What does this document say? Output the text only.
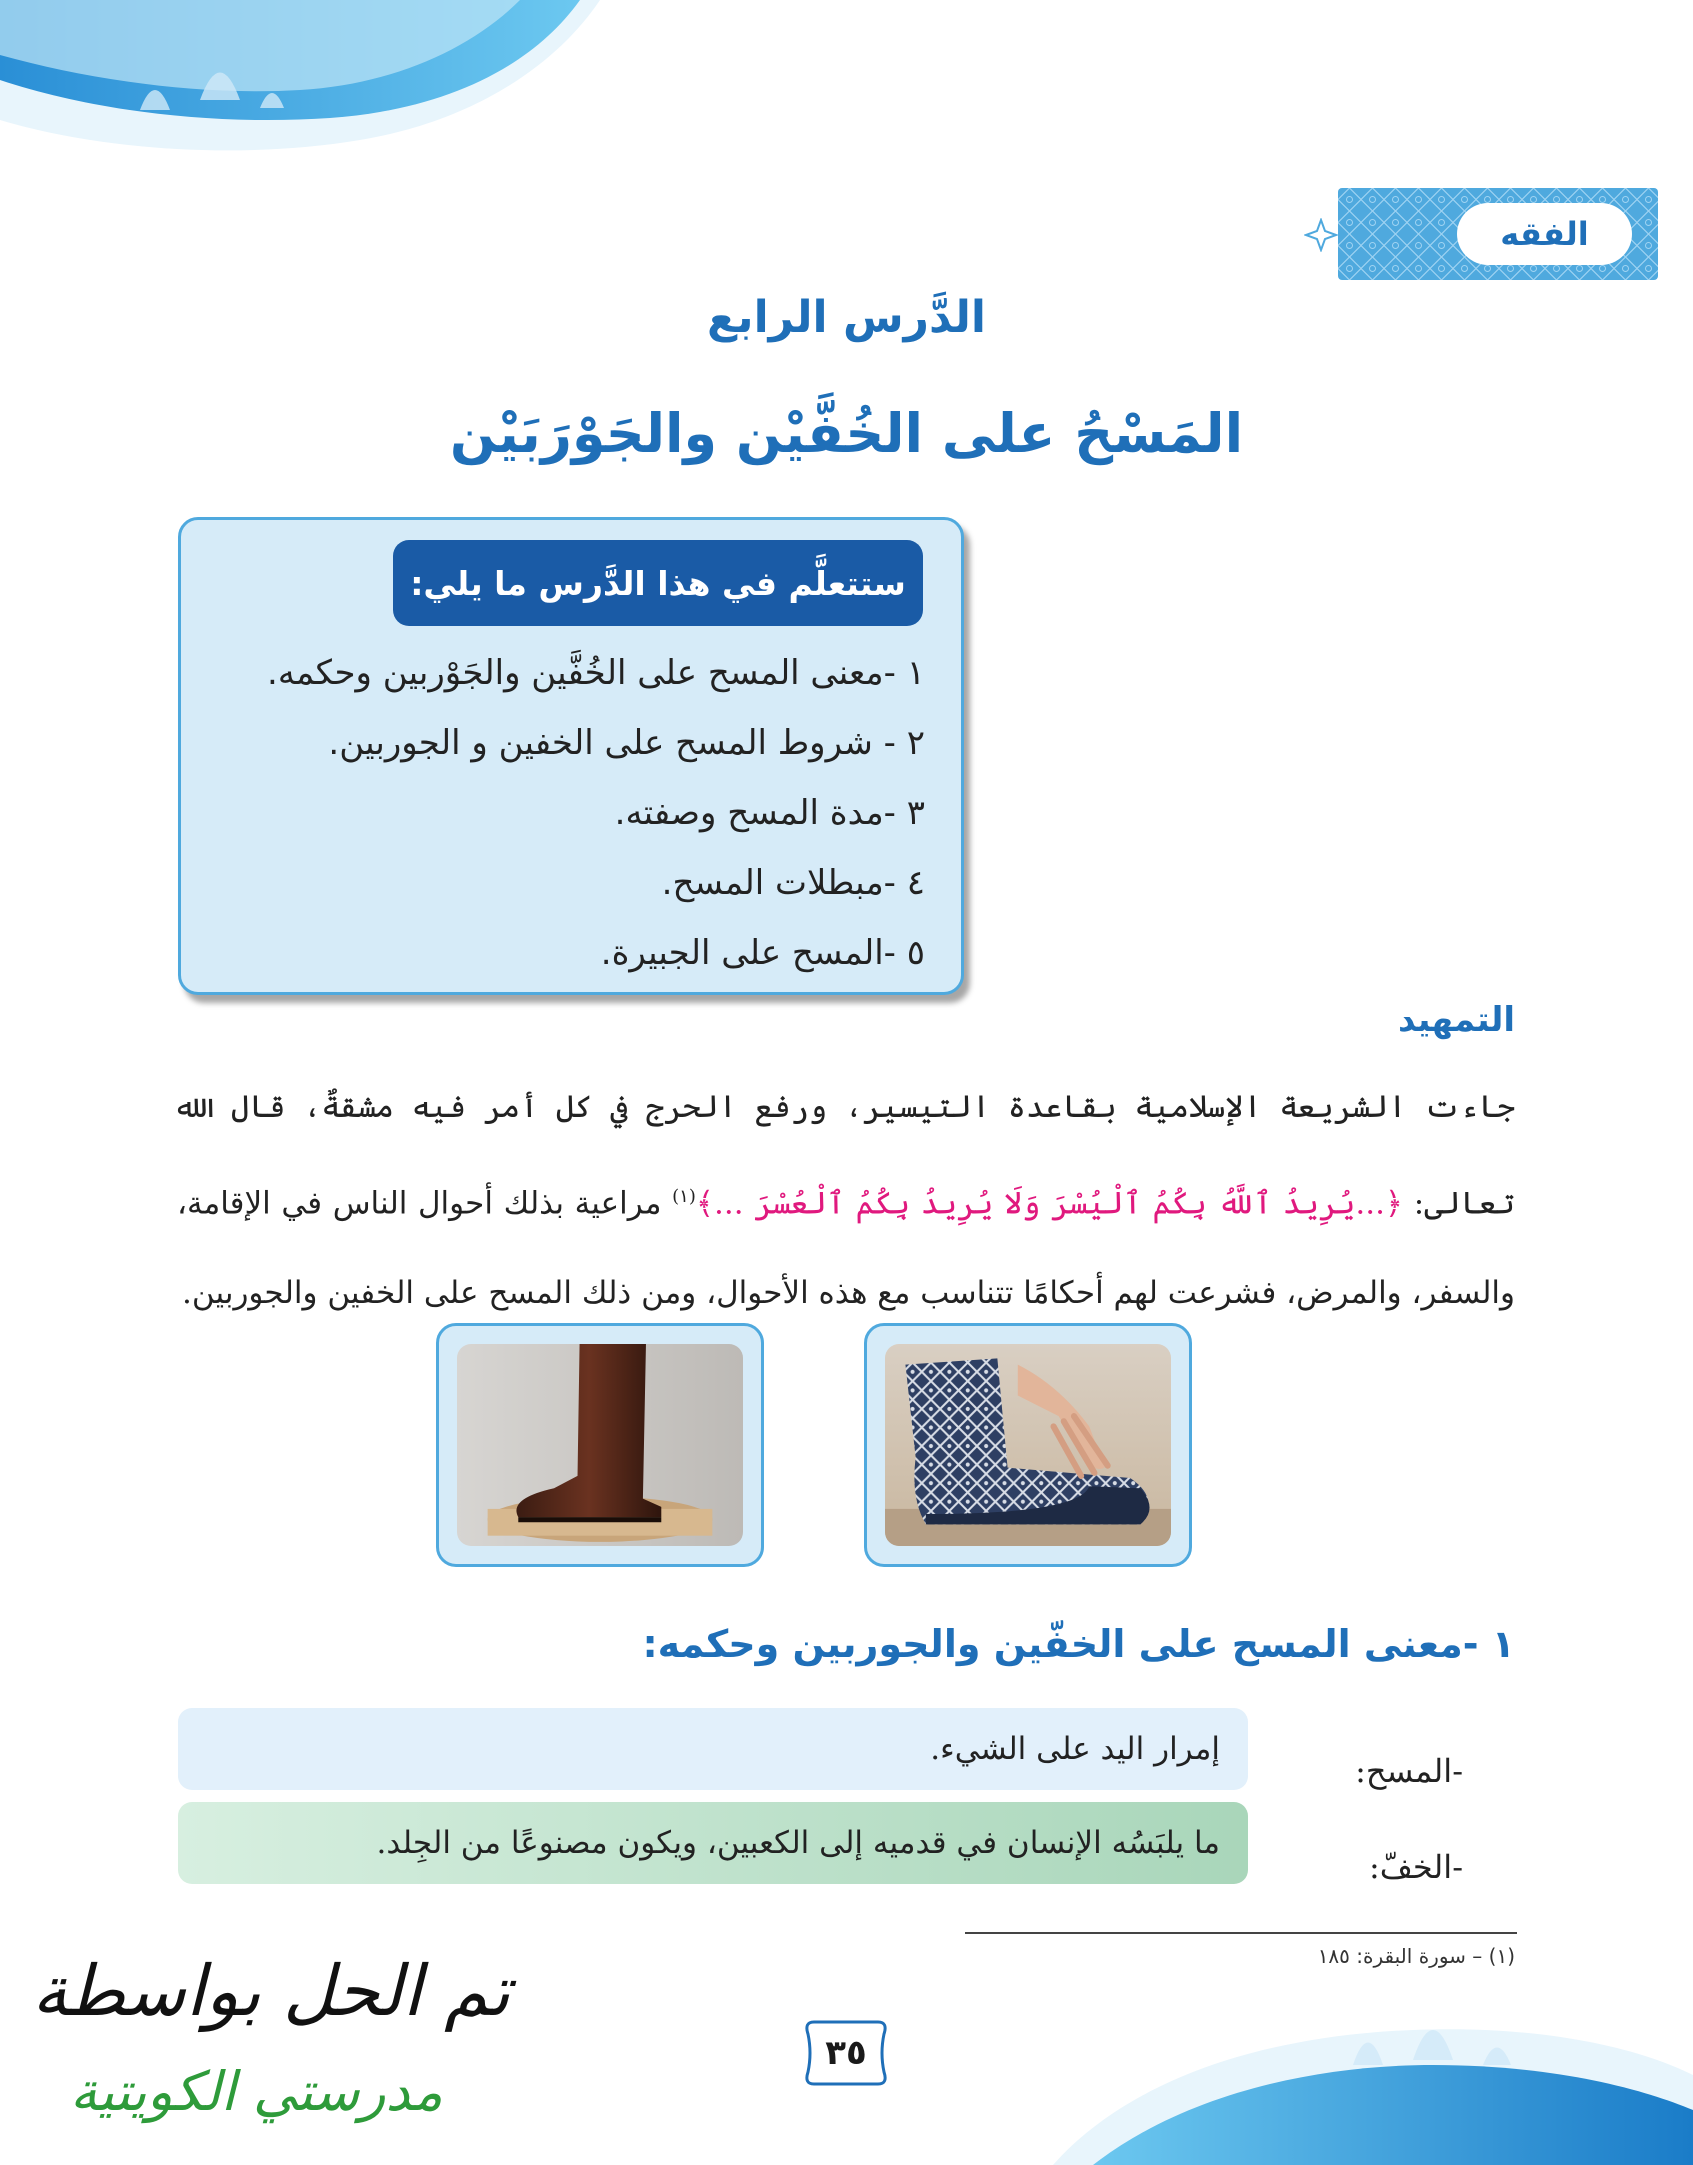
الفقه
الدَّرس الرابع
المَسْحُ على الخُفَّيْن والجَوْرَبَيْن
ستتعلَّم في هذا الدَّرس ما يلي:
١ -معنى المسح على الخُفَّين والجَوْربين وحكمه.
٢ - شروط المسح على الخفين و الجوربين.
٣ -مدة المسح وصفته.
٤ -مبطلات المسح.
٥ -المسح على الجبيرة.
التمهيد

جاءت الشريعة الإسلامية بقاعدة التيسير، ورفع الحرج في كل أمر فيه مشقةٌ، قال الله تعالى: ﴿...يُرِيدُ ٱللَّهُ بِكُمُ ٱلْيُسْرَ وَلَا يُرِيدُ بِكُمُ ٱلْعُسْرَ ...﴾$^{(١)}$ مراعية بذلك أحوال الناس في الإقامة، والسفر، والمرض، فشرعت لهم أحكامًا تتناسب مع هذه الأحوال، ومن ذلك المسح على الخفين والجوربين.

١ -معنى المسح على الخفّين والجوربين وحكمه:
-المسح:
إمرار اليد على الشيء.
-الخفّ:
ما يلبَسُه الإنسان في قدميه إلى الكعبين، ويكون مصنوعًا من الجِلد.
(١) – سورة البقرة: ١٨٥
٣٥
تم الحل بواسطة
مدرستي الكويتية
